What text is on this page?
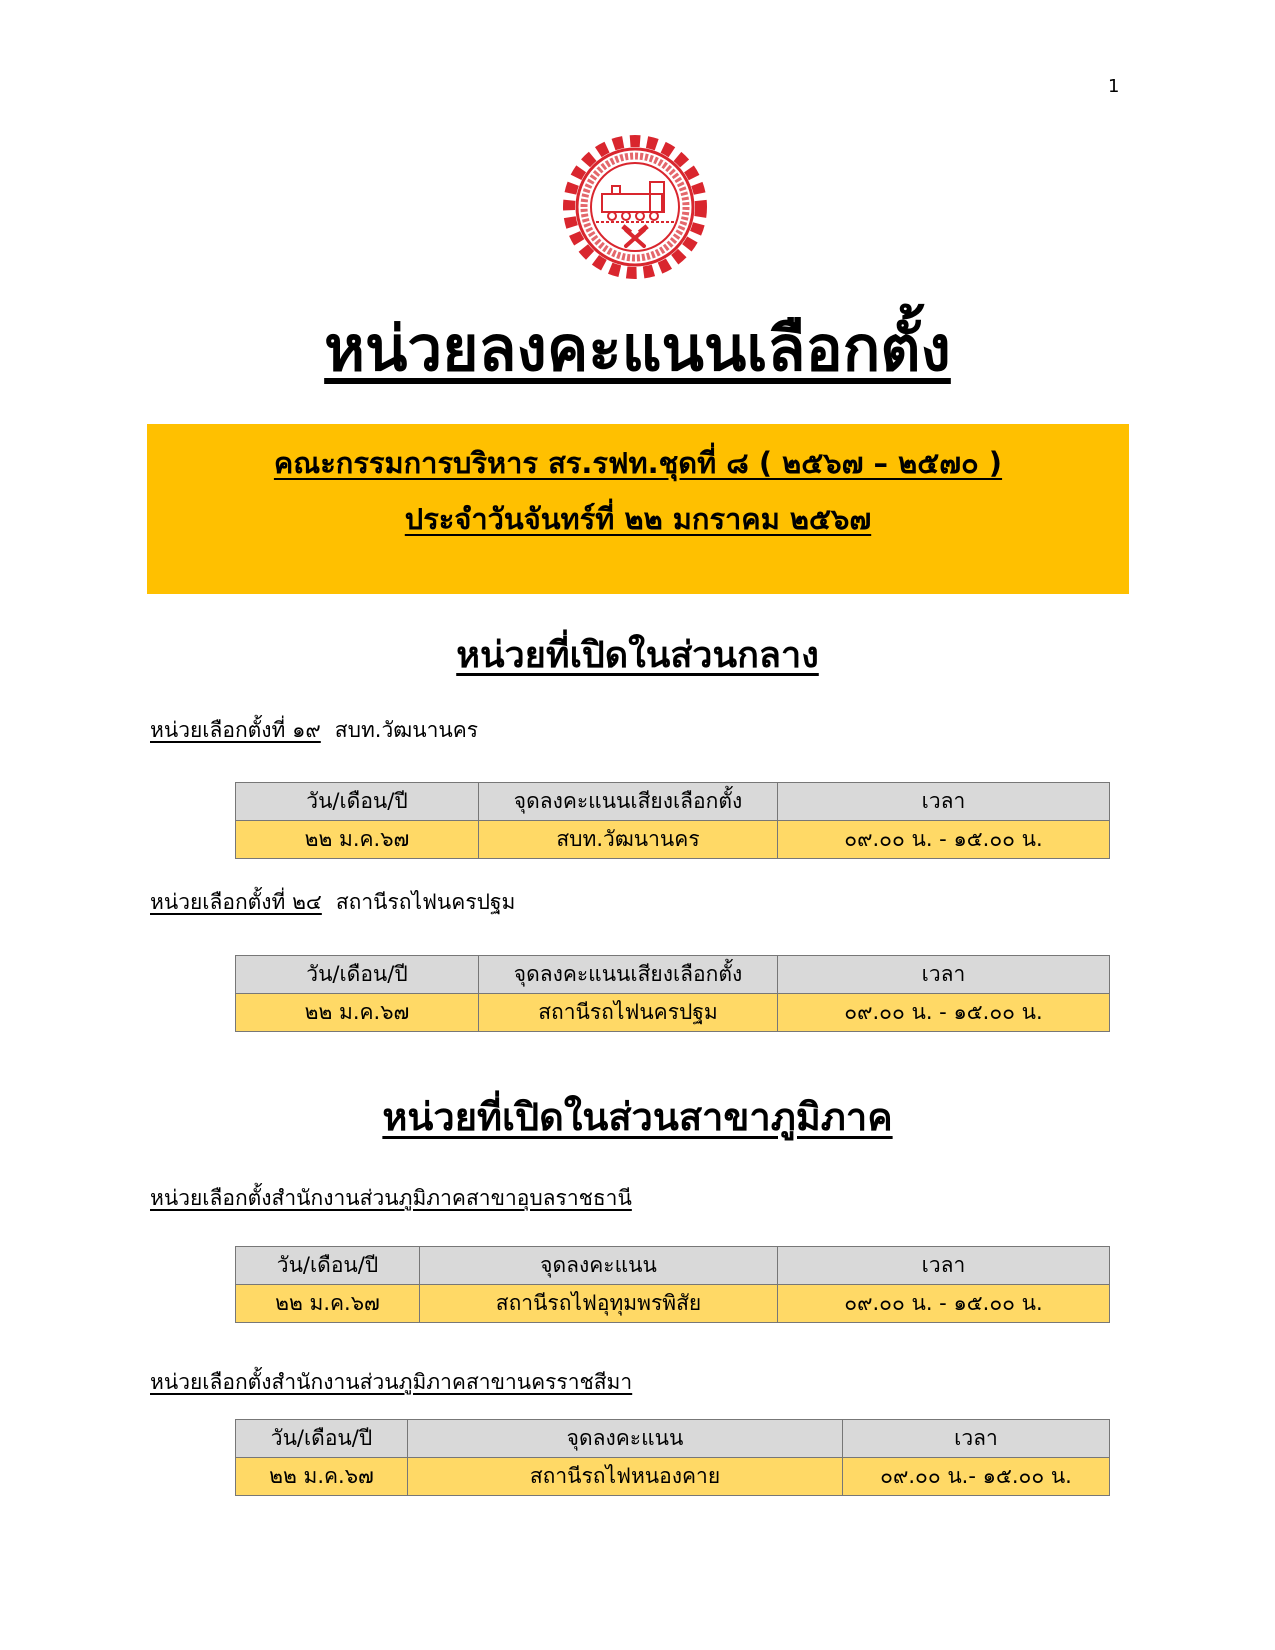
1
หน่วยลงคะแนนเลือกตั้ง
คณะกรรมการบริหาร สร.รฟท.ชุดที่ ๘ ( ๒๕๖๗ – ๒๕๗๐ )
ประจำวันจันทร์ที่ ๒๒ มกราคม ๒๕๖๗
หน่วยที่เปิดในส่วนกลาง
หน่วยเลือกตั้งที่ ๑๙ สบท.วัฒนานคร
วัน/เดือน/ปี	จุดลงคะแนนเสียงเลือกตั้ง	เวลา
๒๒ ม.ค.๖๗	สบท.วัฒนานคร	๐๙.๐๐ น. - ๑๕.๐๐ น.
หน่วยเลือกตั้งที่ ๒๔ สถานีรถไฟนครปฐม
วัน/เดือน/ปี	จุดลงคะแนนเสียงเลือกตั้ง	เวลา
๒๒ ม.ค.๖๗	สถานีรถไฟนครปฐม	๐๙.๐๐ น. - ๑๕.๐๐ น.
หน่วยที่เปิดในส่วนสาขาภูมิภาค
หน่วยเลือกตั้งสำนักงานส่วนภูมิภาคสาขาอุบลราชธานี
วัน/เดือน/ปี	จุดลงคะแนน	เวลา
๒๒ ม.ค.๖๗	สถานีรถไฟอุทุมพรพิสัย	๐๙.๐๐ น. - ๑๕.๐๐ น.
หน่วยเลือกตั้งสำนักงานส่วนภูมิภาคสาขานครราชสีมา
วัน/เดือน/ปี	จุดลงคะแนน	เวลา
๒๒ ม.ค.๖๗	สถานีรถไฟหนองคาย	๐๙.๐๐ น.- ๑๕.๐๐ น.
